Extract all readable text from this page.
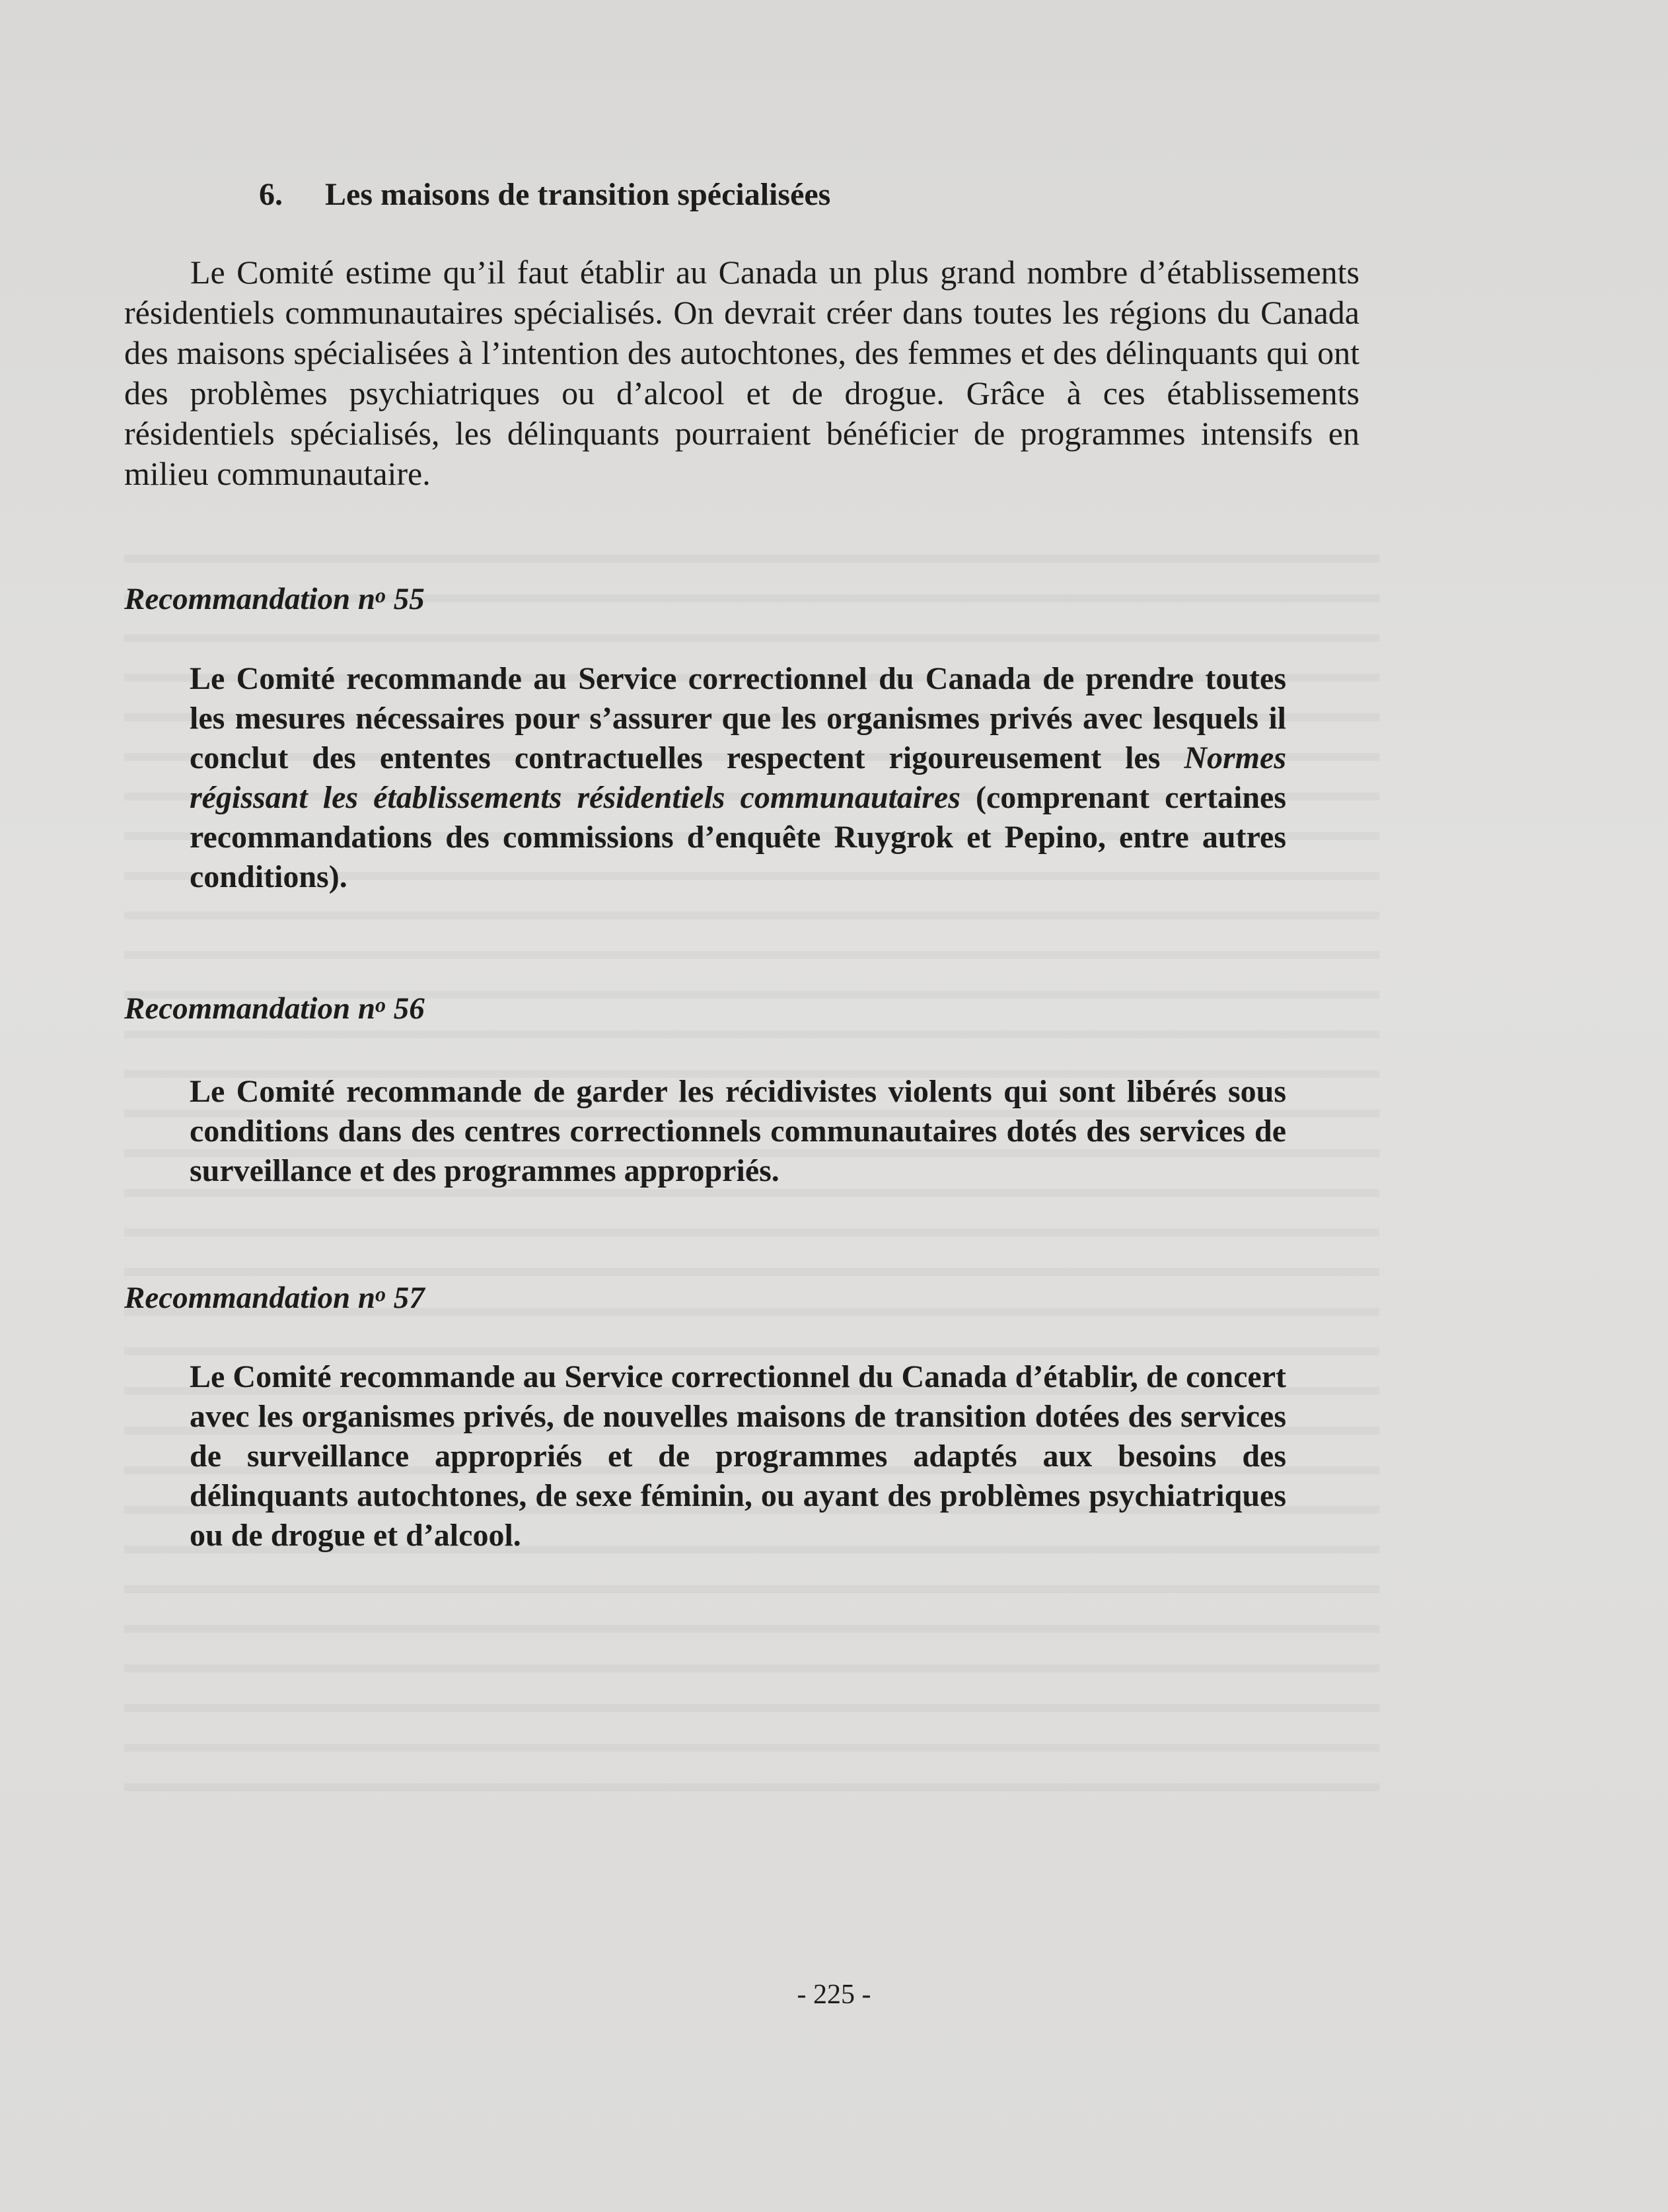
6. Les maisons de transition spécialisées

Le Comité estime qu’il faut établir au Canada un plus grand nombre d’établissements résidentiels communautaires spécialisés. On devrait créer dans toutes les régions du Canada des maisons spécialisées à l’intention des autochtones, des femmes et des délinquants qui ont des problèmes psychiatriques ou d’alcool et de drogue. Grâce à ces établissements résidentiels spécialisés, les délinquants pourraient bénéficier de programmes intensifs en milieu communautaire.

Recommandation $n^o$ 55

Le Comité recommande au Service correctionnel du Canada de prendre toutes les mesures nécessaires pour s’assurer que les organismes privés avec lesquels il conclut des ententes contractuelles respectent rigoureusement les Normes régissant les établissements résidentiels communautaires (comprenant certaines recommandations des commissions d’enquête Ruygrok et Pepino, entre autres conditions).

Recommandation $n^o$ 56

Le Comité recommande de garder les récidivistes violents qui sont libérés sous conditions dans des centres correctionnels communautaires dotés des services de surveillance et des programmes appropriés.

Recommandation $n^o$ 57

Le Comité recommande au Service correctionnel du Canada d’établir, de concert avec les organismes privés, de nouvelles maisons de transition dotées des services de surveillance appropriés et de programmes adaptés aux besoins des délinquants autochtones, de sexe féminin, ou ayant des problèmes psychiatriques ou de drogue et d’alcool.

- 225 -
